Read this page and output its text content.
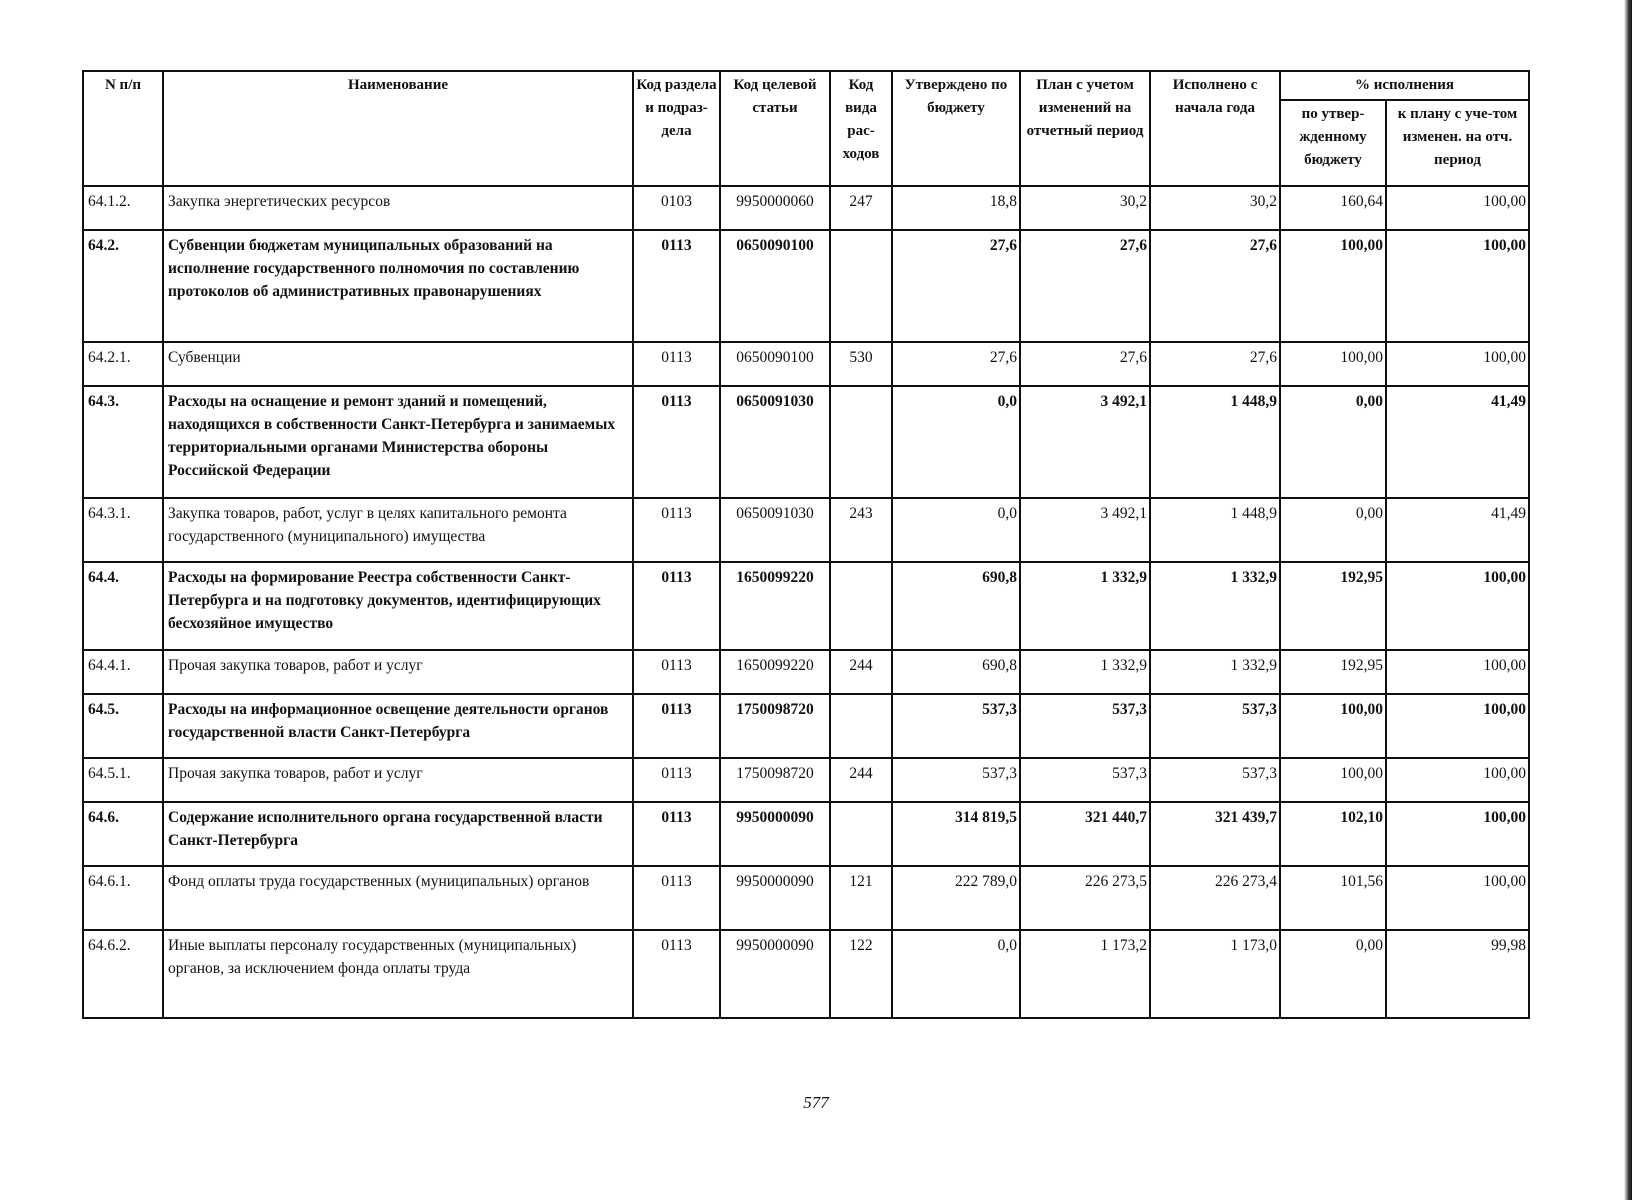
N п/п	Наименование	Код раздела и подраз-дела	Код целевой статьи	Код вида рас-ходов	Утверждено по бюджету	План с учетом изменений на отчетный период	Исполнено с начала года	% исполнения	
								по утвер-жденному бюджету	к плану с уче-том изменен. на отч. период
64.1.2.	Закупка энергетических ресурсов	0103	9950000060	247	18,8	30,2	30,2	160,64	100,00
64.2.	Субвенции бюджетам муниципальных образований на исполнение государственного полномочия по составлению протоколов об административных правонарушениях	0113	0650090100		27,6	27,6	27,6	100,00	100,00
64.2.1.	Субвенции	0113	0650090100	530	27,6	27,6	27,6	100,00	100,00
64.3.	Расходы на оснащение и ремонт зданий и помещений, находящихся в собственности Санкт-Петербурга и занимаемых территориальными органами Министерства обороны Российской Федерации	0113	0650091030		0,0	3 492,1	1 448,9	0,00	41,49
64.3.1.	Закупка товаров, работ, услуг в целях капитального ремонта государственного (муниципального) имущества	0113	0650091030	243	0,0	3 492,1	1 448,9	0,00	41,49
64.4.	Расходы на формирование Реестра собственности Санкт-Петербурга и на подготовку документов, идентифицирующих бесхозяйное имущество	0113	1650099220		690,8	1 332,9	1 332,9	192,95	100,00
64.4.1.	Прочая закупка товаров, работ и услуг	0113	1650099220	244	690,8	1 332,9	1 332,9	192,95	100,00
64.5.	Расходы на информационное освещение деятельности органов государственной власти Санкт-Петербурга	0113	1750098720		537,3	537,3	537,3	100,00	100,00
64.5.1.	Прочая закупка товаров, работ и услуг	0113	1750098720	244	537,3	537,3	537,3	100,00	100,00
64.6.	Содержание исполнительного органа государственной власти Санкт-Петербурга	0113	9950000090		314 819,5	321 440,7	321 439,7	102,10	100,00
64.6.1.	Фонд оплаты труда государственных (муниципальных) органов	0113	9950000090	121	222 789,0	226 273,5	226 273,4	101,56	100,00
64.6.2.	Иные выплаты персоналу государственных (муниципальных) органов, за исключением фонда оплаты труда	0113	9950000090	122	0,0	1 173,2	1 173,0	0,00	99,98
577
